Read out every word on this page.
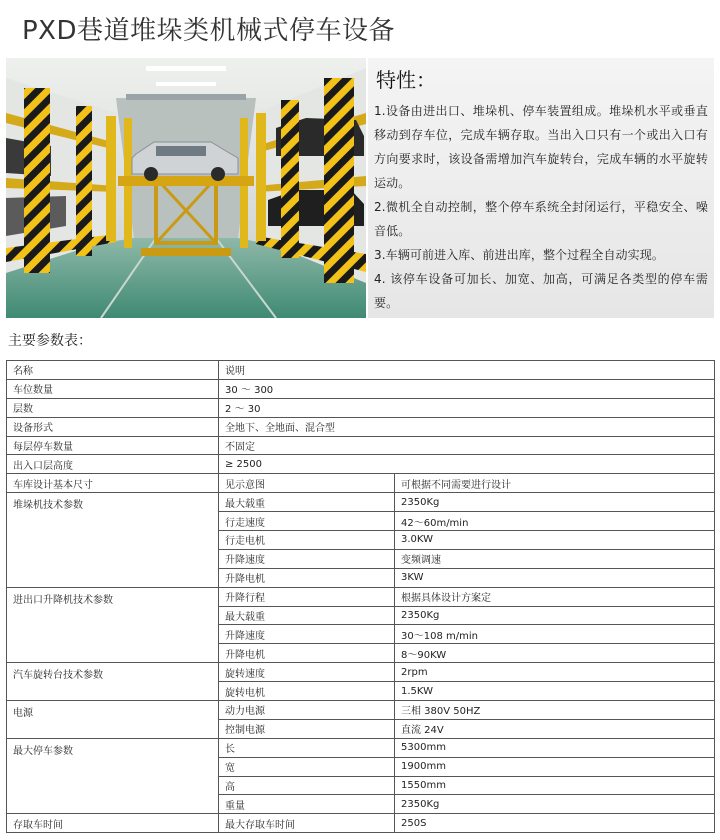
PXD巷道堆垛类机械式停车设备
特性：
1.设备由进出口、堆垛机、停车装置组成。堆垛机水平或垂直移动到存车位，完成车辆存取。当出入口只有一个或出入口有方向要求时，该设备需增加汽车旋转台，完成车辆的水平旋转运动。
2.微机全自动控制，整个停车系统全封闭运行，平稳安全、噪音低。
3.车辆可前进入库、前进出库，整个过程全自动实现。
4. 该停车设备可加长、加宽、加高，可满足各类型的停车需要。
主要参数表：
名称	说明	
车位数量	30 ～ 300	
层数	2 ～ 30	
设备形式	全地下、全地面、混合型	
每层停车数量	不固定	
出入口层高度	≥ 2500	
车库设计基本尺寸	见示意图	可根据不同需要进行设计
堆垛机技术参数	最大载重	2350Kg
	行走速度	42～60m/min
	行走电机	3.0KW
	升降速度	变频调速
	升降电机	3KW
进出口升降机技术参数	升降行程	根据具体设计方案定
	最大载重	2350Kg
	升降速度	30～108 m/min
	升降电机	8～90KW
汽车旋转台技术参数	旋转速度	2rpm
	旋转电机	1.5KW
电源	动力电源	三相 380V 50HZ
	控制电源	直流 24V
最大停车参数	长	5300mm
	宽	1900mm
	高	1550mm
	重量	2350Kg
存取车时间	最大存取车时间	250S
